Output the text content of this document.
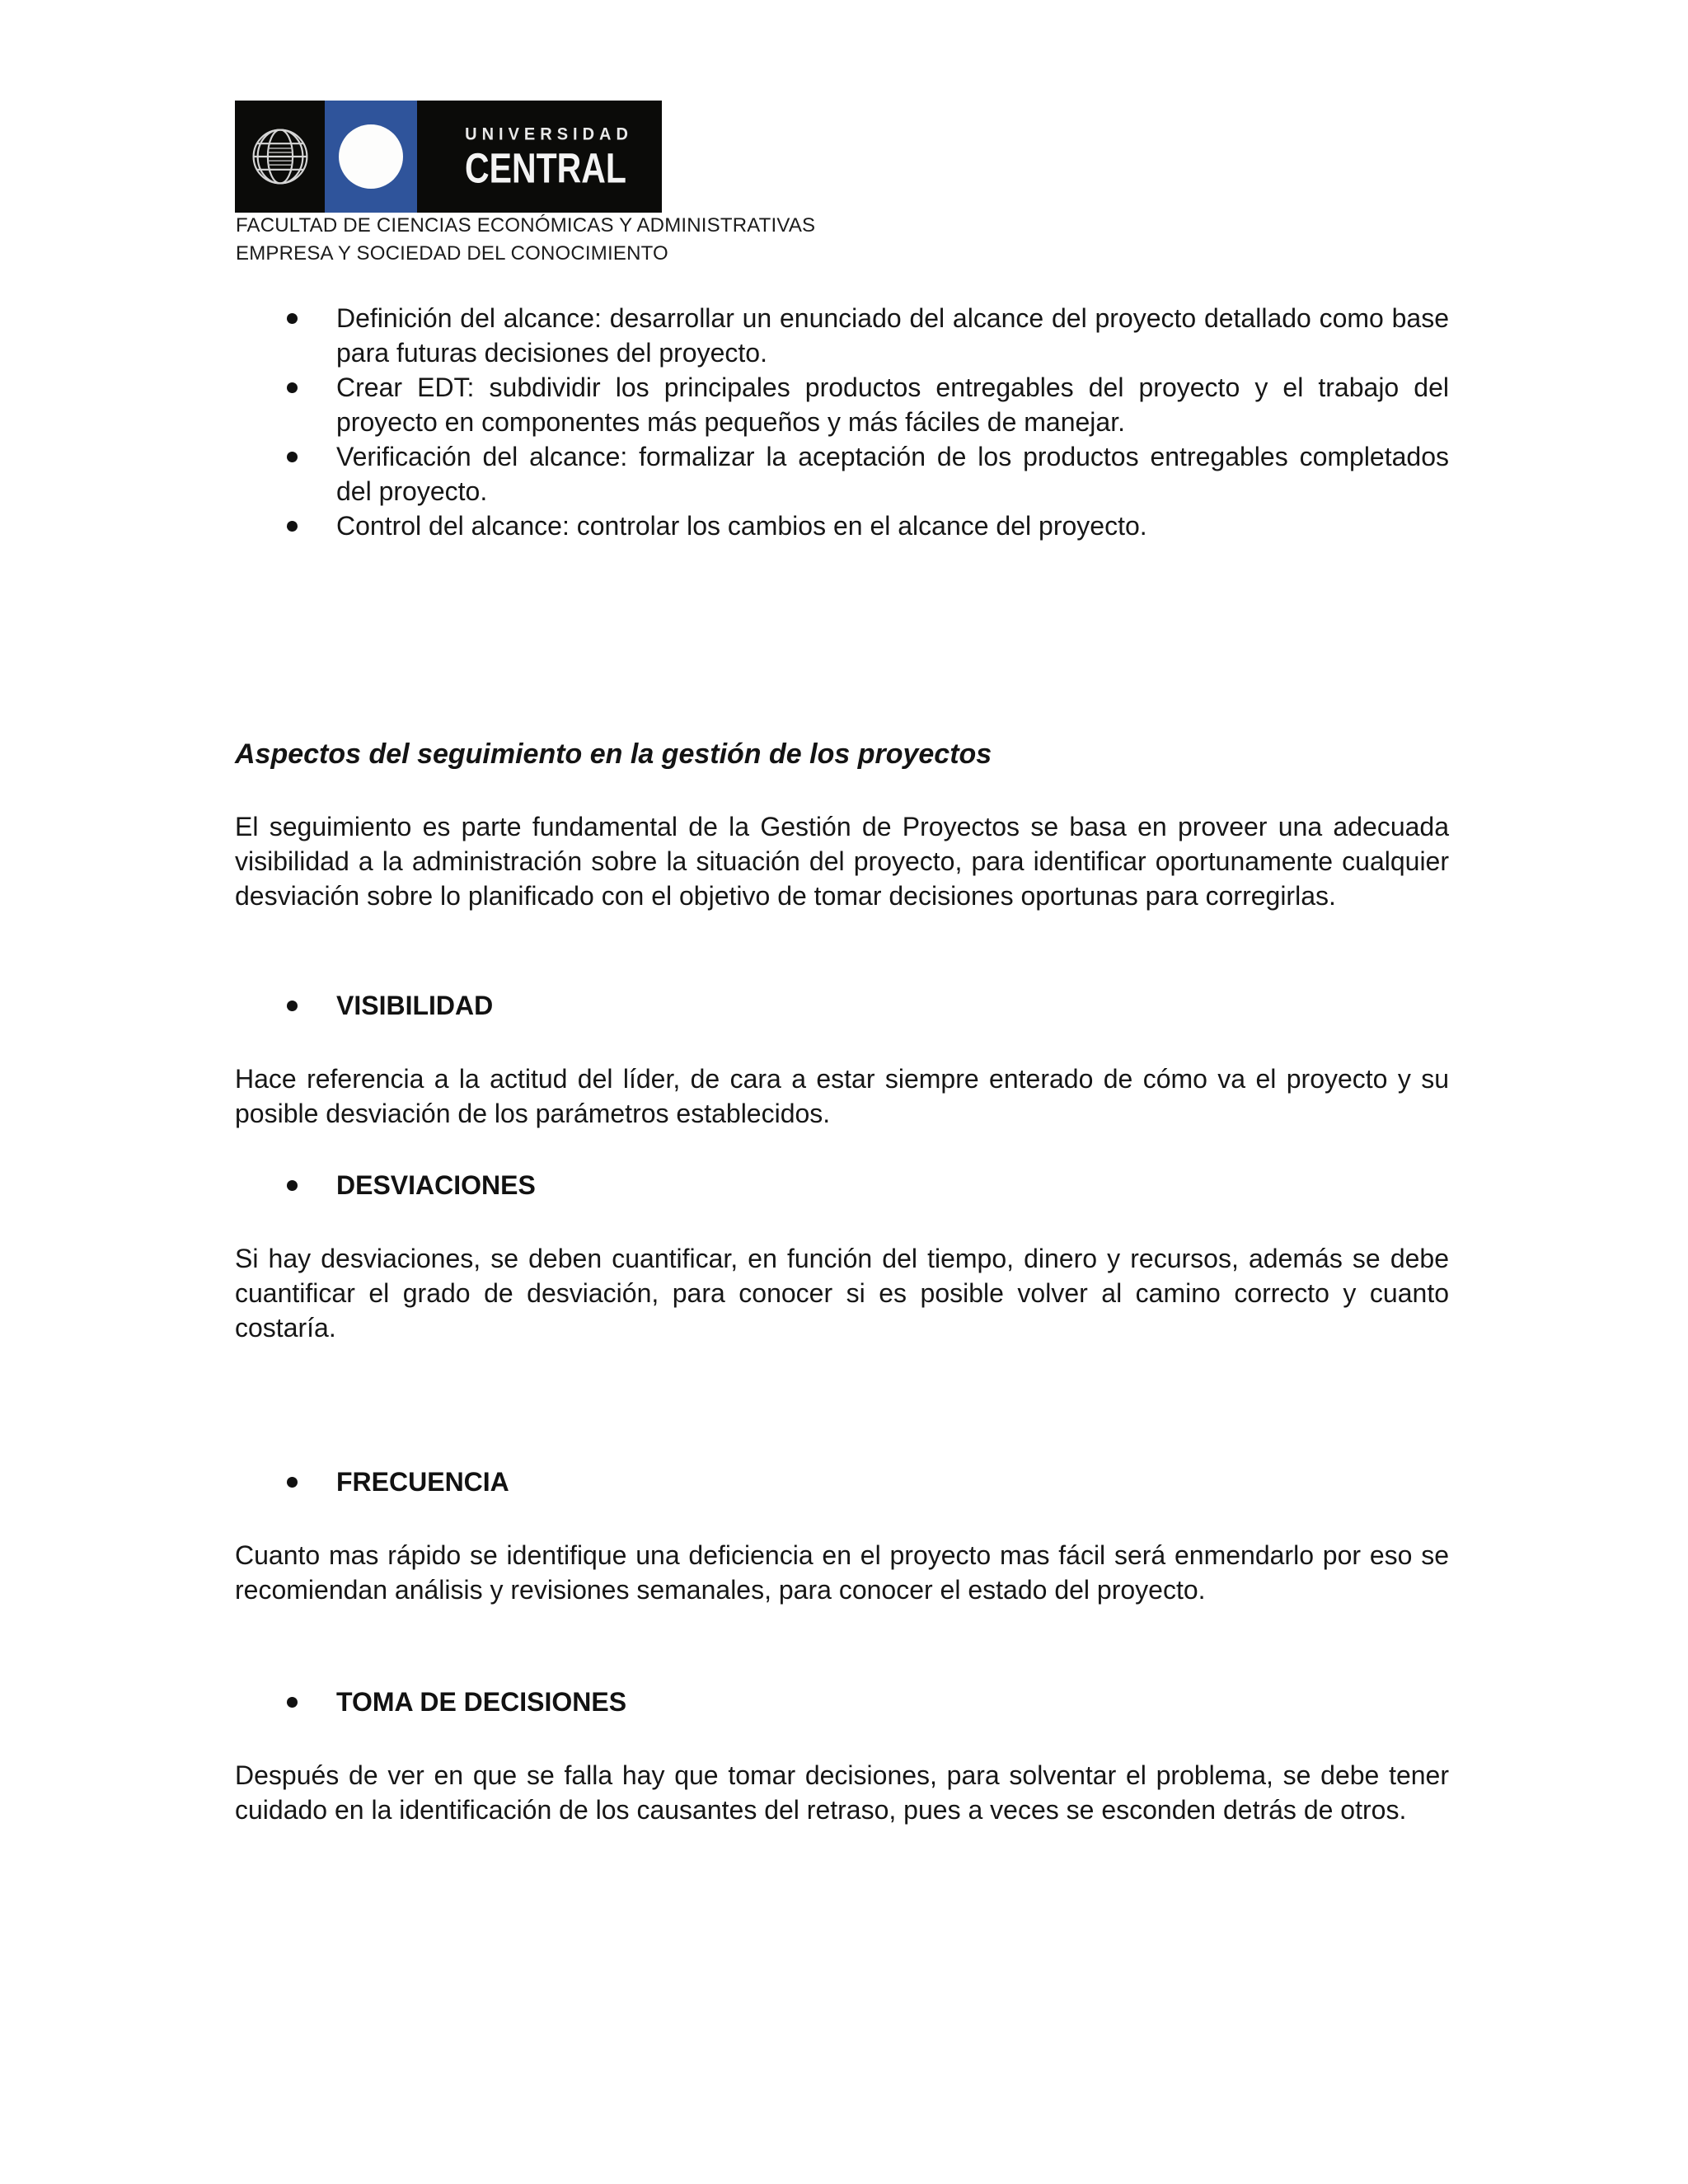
UNIVERSIDAD
CENTRAL
FACULTAD DE CIENCIAS ECONÓMICAS Y ADMINISTRATIVAS
EMPRESA Y SOCIEDAD DEL CONOCIMIENTO
Definición del alcance: desarrollar un enunciado del alcance del proyecto detallado como base para futuras decisiones del proyecto.
Crear EDT: subdividir los principales productos entregables del proyecto y el trabajo del proyecto en componentes más pequeños y más fáciles de manejar.
Verificación del alcance: formalizar la aceptación de los productos entregables completados del proyecto.
Control del alcance: controlar los cambios en el alcance del proyecto.
Aspectos del seguimiento en la gestión de los proyectos

El seguimiento es parte fundamental de la Gestión de Proyectos se basa en proveer una adecuada visibilidad a la administración sobre la situación del proyecto, para identificar oportunamente cualquier desviación sobre lo planificado con el objetivo de tomar decisiones oportunas para corregirlas.

VISIBILIDAD

Hace referencia a la actitud del líder, de cara a estar siempre enterado de cómo va el proyecto y su posible desviación de los parámetros establecidos.

DESVIACIONES

Si hay desviaciones, se deben cuantificar, en función del tiempo, dinero y recursos, además se debe cuantificar el grado de desviación, para conocer si es posible volver al camino correcto y cuanto costaría.

FRECUENCIA

Cuanto mas rápido se identifique una deficiencia en el proyecto mas fácil será enmendarlo por eso se recomiendan análisis y revisiones semanales, para conocer el estado del proyecto.

TOMA DE DECISIONES

Después de ver en que se falla hay que tomar decisiones, para solventar el problema, se debe tener cuidado en la identificación de los causantes del retraso, pues a veces se esconden detrás de otros.
